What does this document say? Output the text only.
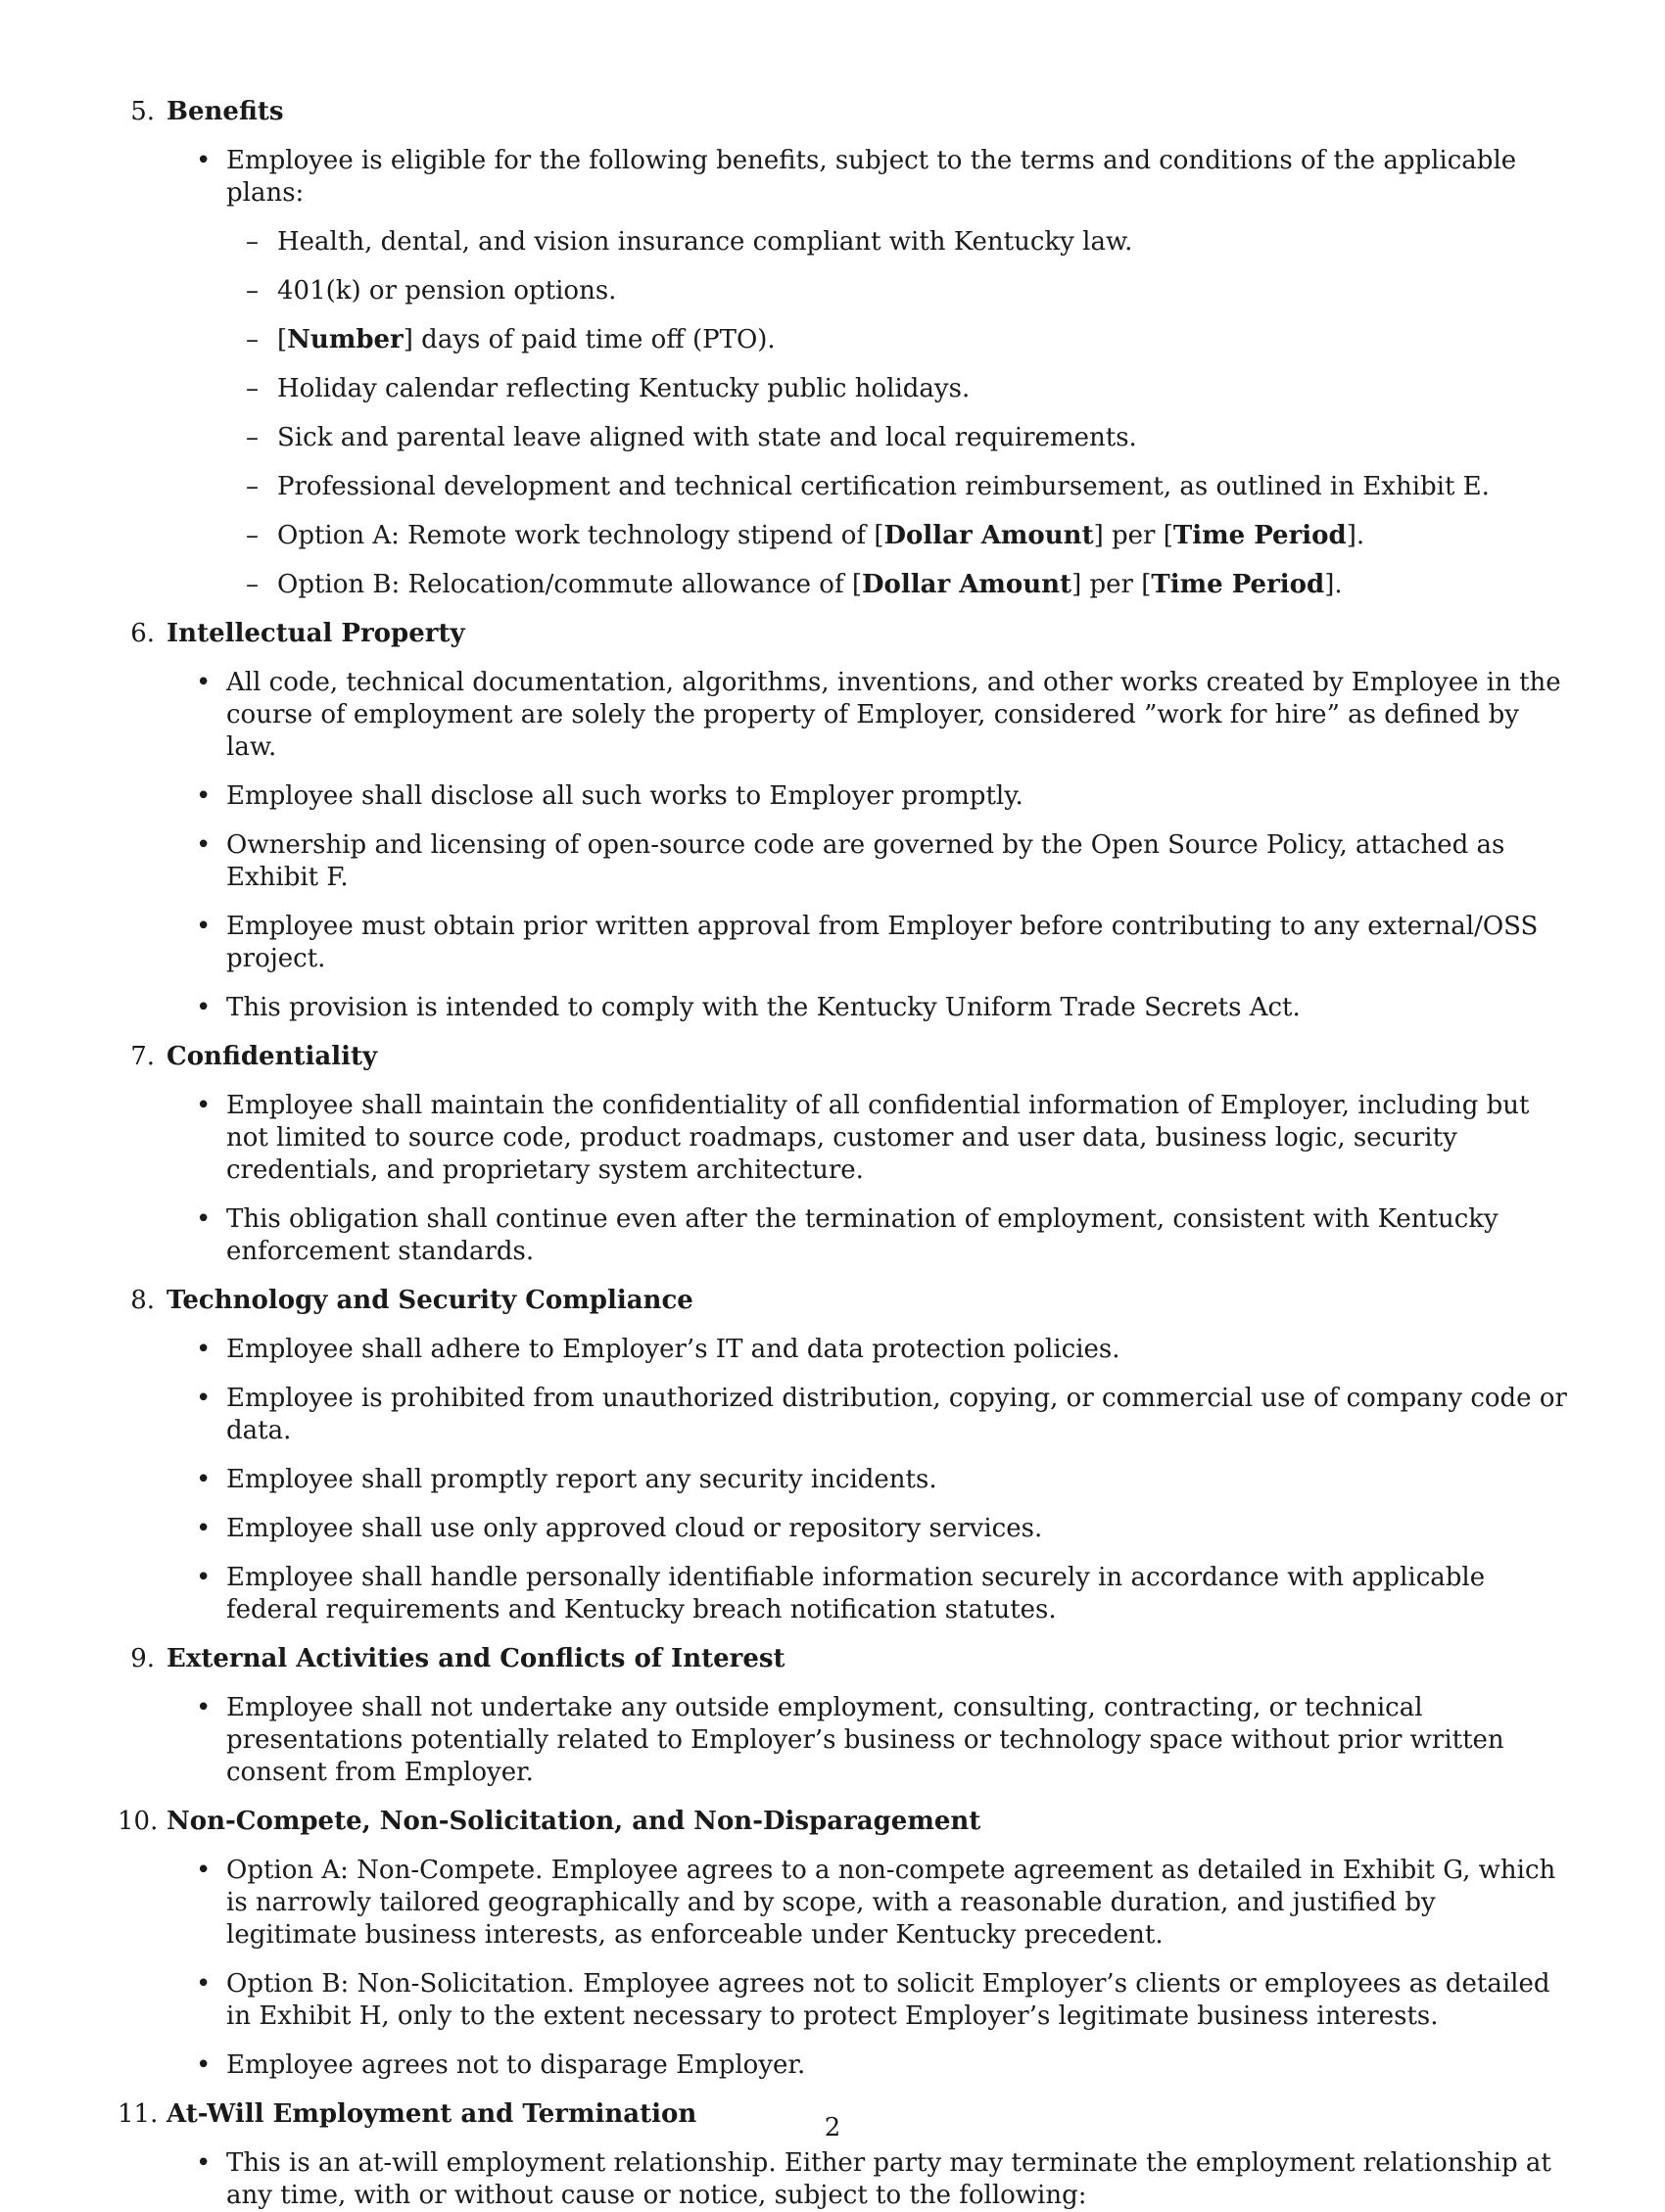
5. Benefits
• Employee is eligible for the following benefits, subject to the terms and conditions of the applicable plans:
– Health, dental, and vision insurance compliant with Kentucky law.
– 401(k) or pension options.
– [Number] days of paid time off (PTO).
– Holiday calendar reflecting Kentucky public holidays.
– Sick and parental leave aligned with state and local requirements.
– Professional development and technical certification reimbursement, as outlined in Exhibit E.
– Option A: Remote work technology stipend of [Dollar Amount] per [Time Period].
– Option B: Relocation/commute allowance of [Dollar Amount] per [Time Period].
6. Intellectual Property
• All code, technical documentation, algorithms, inventions, and other works created by Employee in the course of employment are solely the property of Employer, considered ”work for hire” as defined by law.
• Employee shall disclose all such works to Employer promptly.
• Ownership and licensing of open-source code are governed by the Open Source Policy, attached as Exhibit F.
• Employee must obtain prior written approval from Employer before contributing to any external/OSS project.
• This provision is intended to comply with the Kentucky Uniform Trade Secrets Act.
7. Confidentiality
• Employee shall maintain the confidentiality of all confidential information of Employer, including but not limited to source code, product roadmaps, customer and user data, business logic, security credentials, and proprietary system architecture.
• This obligation shall continue even after the termination of employment, consistent with Kentucky enforcement standards.
8. Technology and Security Compliance
• Employee shall adhere to Employer’s IT and data protection policies.
• Employee is prohibited from unauthorized distribution, copying, or commercial use of company code or data.
• Employee shall promptly report any security incidents.
• Employee shall use only approved cloud or repository services.
• Employee shall handle personally identifiable information securely in accordance with applicable federal requirements and Kentucky breach notification statutes.
9. External Activities and Conflicts of Interest
• Employee shall not undertake any outside employment, consulting, contracting, or technical presentations potentially related to Employer’s business or technology space without prior written consent from Employer.
10. Non-Compete, Non-Solicitation, and Non-Disparagement
• Option A: Non-Compete. Employee agrees to a non-compete agreement as detailed in Exhibit G, which is narrowly tailored geographically and by scope, with a reasonable duration, and justified by legitimate business interests, as enforceable under Kentucky precedent.
• Option B: Non-Solicitation. Employee agrees not to solicit Employer’s clients or employees as detailed in Exhibit H, only to the extent necessary to protect Employer’s legitimate business interests.
• Employee agrees not to disparage Employer.
11. At-Will Employment and Termination
• This is an at-will employment relationship. Either party may terminate the employment relationship at any time, with or without cause or notice, subject to the following:
2
